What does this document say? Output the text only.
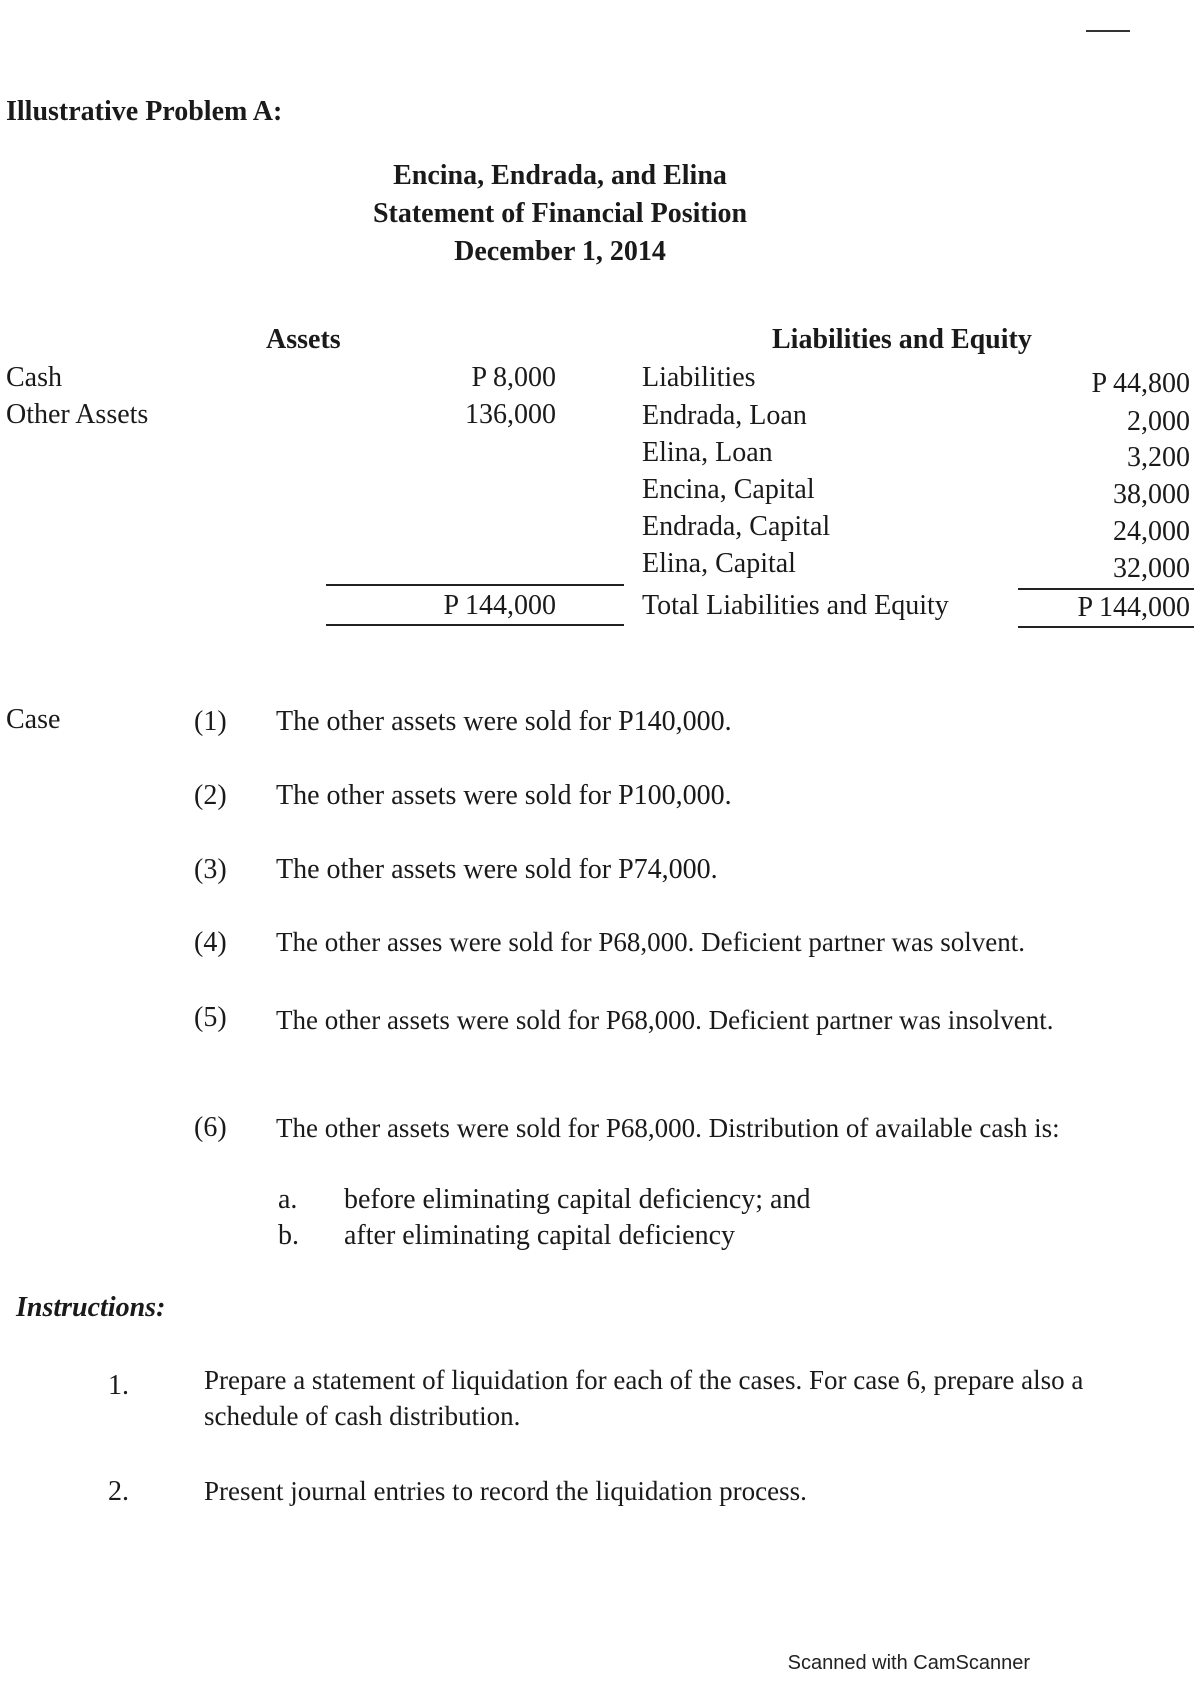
Illustrative Problem A:
Encina, Endrada, and Elina
Statement of Financial Position
December 1, 2014
Assets	Liabilities and Equity
Cash	P 8,000
Other Assets	136,000
P 144,000
Liabilities	P 44,800
Endrada, Loan	2,000
Elina, Loan	3,200
Encina, Capital	38,000
Endrada, Capital	24,000
Elina, Capital	32,000
Total Liabilities and Equity	P 144,000
Case	(1) The other assets were sold for P140,000.
(2) The other assets were sold for P100,000.
(3) The other assets were sold for P74,000.
(4) The other asses were sold for P68,000. Deficient partner was solvent.
(5) The other assets were sold for P68,000. Deficient partner was insolvent.
(6) The other assets were sold for P68,000. Distribution of available cash is:
a. before eliminating capital deficiency; and
b. after eliminating capital deficiency
Instructions:
1.	Prepare a statement of liquidation for each of the cases. For case 6, prepare also a schedule of cash distribution.
2.	Present journal entries to record the liquidation process.
Scanned with CamScanner
